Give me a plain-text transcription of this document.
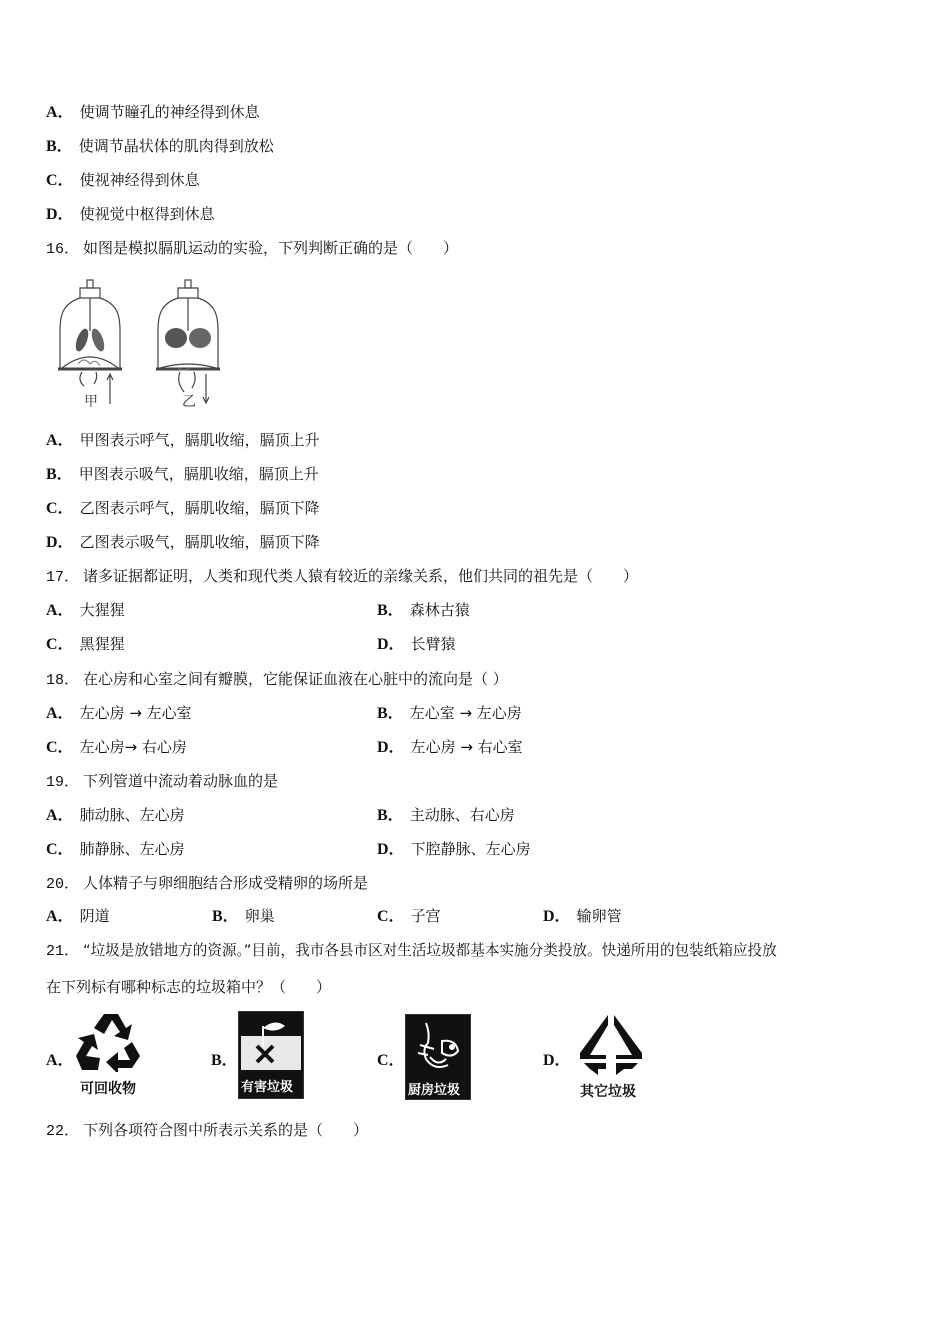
A． 使调节瞳孔的神经得到休息
B． 使调节晶状体的肌肉得到放松
C． 使视神经得到休息
D． 使视觉中枢得到休息
16． 如图是模拟膈肌运动的实验，下列判断正确的是（　　）
甲	乙
A． 甲图表示呼气，膈肌收缩，膈顶上升
B． 甲图表示吸气，膈肌收缩，膈顶上升
C． 乙图表示呼气，膈肌收缩，膈顶下降
D． 乙图表示吸气，膈肌收缩，膈顶下降
17． 诸多证据都证明，人类和现代类人猿有较近的亲缘关系，他们共同的祖先是（　　）
A． 大猩猩	B． 森林古猿
C． 黑猩猩	D． 长臂猿
18． 在心房和心室之间有瓣膜，它能保证血液在心脏中的流向是（ ）
A． 左心房 → 左心室	B． 左心室 → 左心房
C． 左心房→ 右心房	D． 左心房 → 右心室
19． 下列管道中流动着动脉血的是
A． 肺动脉、左心房	B． 主动脉、右心房
C． 肺静脉、左心房	D． 下腔静脉、左心房
20． 人体精子与卵细胞结合形成受精卵的场所是
A． 阴道	B． 卵巢	C． 子宫	D． 输卵管
21． “垃圾是放错地方的资源。”目前，我市各县市区对生活垃圾都基本实施分类投放。快递所用的包装纸箱应投放
在下列标有哪种标志的垃圾箱中？（　　）
A．
可回收物
B．
有害垃圾
C．
厨房垃圾
D．
其它垃圾
22． 下列各项符合图中所表示关系的是（　　）
